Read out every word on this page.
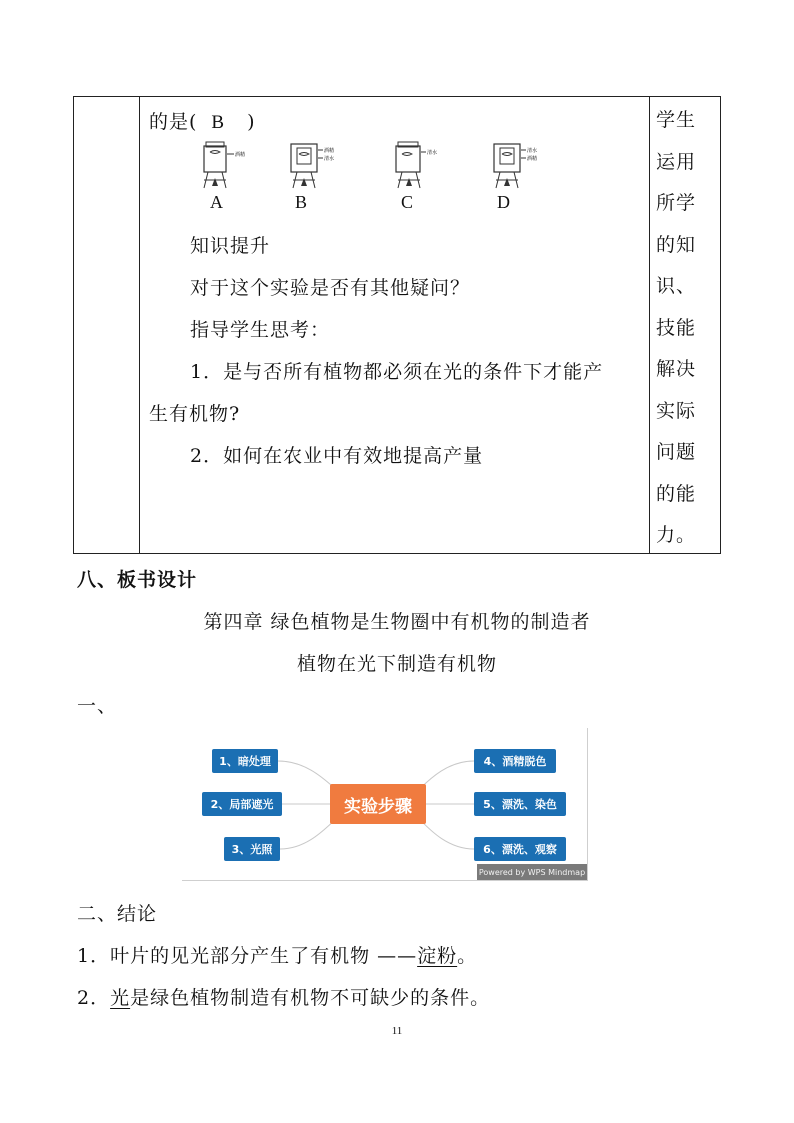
的是( B )
酒精
酒精
清水
清水	清水
酒精
A	B	C	D
知识提升
对于这个实验是否有其他疑问？
指导学生思考：
1．是与否所有植物都必须在光的条件下才能产
生有机物?
2．如何在农业中有效地提高产量
学生
运用
所学
的知
识、
技能
解决
实际
问题
的能
力。
八、板书设计
第四章 绿色植物是生物圈中有机物的制造者
植物在光下制造有机物
一、
实验步骤
1、暗处理
2、局部遮光
3、光照
4、酒精脱色
5、漂洗、染色
6、漂洗、观察
Powered by WPS Mindmap
二、结论
1．叶片的见光部分产生了有机物 ——淀粉。
2．光是绿色植物制造有机物不可缺少的条件。
11
